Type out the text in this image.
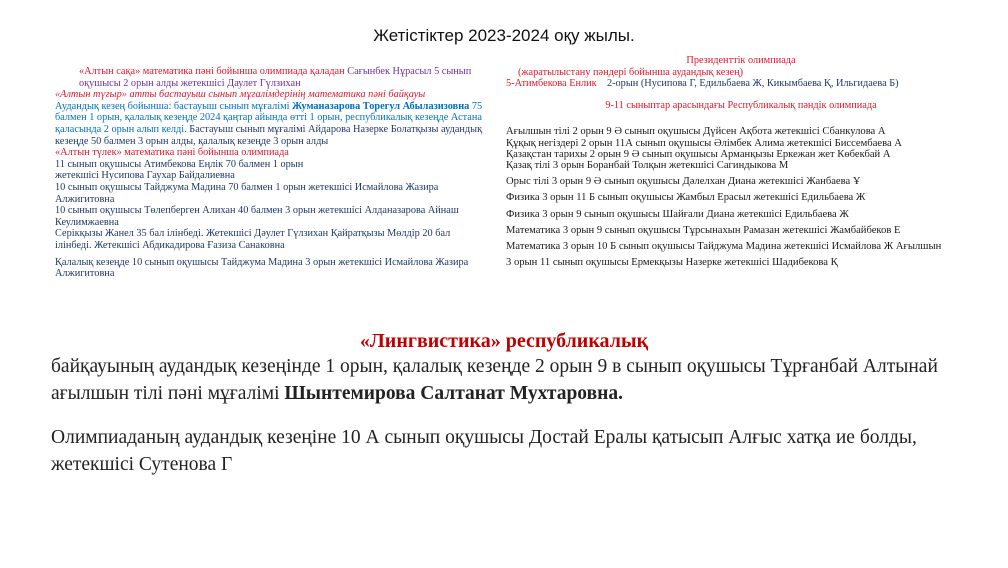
Жетістіктер 2023-2024 оқу жылы.
«Алтын сақа» математика пәні бойынша олимпиада қаладан Сағынбек Нұрасыл 5 сынып оқушысы 2 орын алды жетекшісі Даулет Гүлзихан
«Алтын түғыр» атты бастауыш сынып мұғалімдерінің математика пәні байқауы
Аудандық кезең бойынша: бастауыш сынып мұғалімі Жуманазарова Торегул Абылазизовна 75 балмен 1 орын, қалалық кезеңде 2024 қаңтар айында өтті 1 орын, республикалық кезеңде Астана қаласында 2 орын алып келді. Бастауыш сынып мұғалімі Айдарова Назерке Болатқызы аудандық кезеңде 50 балмен 3 орын алды, қалалық кезеңде 3 орын алды
«Алтын түлек» математика пәні бойынша олимпиада
11 сынып оқушысы Атимбекова Еңлік 70 балмен 1 орын
жетекшісі Нусипова Гаухар Байдалиевна
10 сынып оқушысы Тайджума Мадина 70 балмен 1 орын жетекшісі Исмайлова Жазира Алжигитовна
10 сынып оқушысы Төлепберген Алихан 40 балмен 3 орын жетекшісі Алданазарова Айнаш Кеулимжаевна
Серікқызы Жанел 35 бал ілінбеді. Жетекшісі Дәулет Гүлзихан Қайратқызы Мөлдір 20 бал ілінбеді. Жетекшісі Абдикадирова Ғазиза Санаковна
Қалалық кезеңде 10 сынып оқушысы Тайджума Мадина 3 орын жетекшісі Исмайлова Жазира Алжигитовна
Президенттік олимпиада
(жаратылыстану пәндері бойынша аудандық кезең)
5-Атимбекова Енлик 2-орын (Нусипова Г, Едильбаева Ж, Кикымбаева Қ, Ильгидаева Б)
9-11 сыныптар арасындағы Республикалық пәндік олимпиада
Ағылшын тілі 2 орын 9 Ә сынып оқушысы Дүйсен Ақбота жетекшісі Сбанкулова А
Құқық негіздері 2 орын 11А сынып оқушысы Әлімбек Алима жетекшісі Биссембаева А
Қазақстан тарихы 2 орын 9 Ә сынып оқушысы Арманқызы Еркежан жет Көбекбай А
Қазақ тілі 3 орын Боранбай Толқын жетекшісі Сагиндыкова М
Орыс тілі 3 орын 9 Ә сынып оқушысы Дәлелхан Диана жетекшісі Жанбаева Ұ
Физика 3 орын 11 Б сынып оқушысы Жамбыл Ерасыл жетекшісі Едильбаева Ж
Физика 3 орын 9 сынып оқушысы Шайғали Диана жетекшісі Едильбаева Ж
Математика 3 орын 9 сынып оқушысы Тұрсынахын Рамазан жетекшісі Жамбайбеков Е
Математика 3 орын 10 Б сынып оқушысы Тайджума Мадина жетекшісі Исмайлова Ж Ағылшын
3 орын 11 сынып оқушысы Ермекқызы Назерке жетекшісі Шадибекова Қ
«Лингвистика» республикалық
байқауының аудандық кезеңінде 1 орын, қалалық кезеңде 2 орын 9 в сынып оқушысы Тұрғанбай Алтынай ағылшын тілі пәні мұғалімі Шынтемирова Салтанат Мухтаровна.
Олимпиаданың аудандық кезеңіне 10 А сынып оқушысы Достай Ералы қатысып Алғыс хатқа ие болды, жетекшісі Сутенова Г
